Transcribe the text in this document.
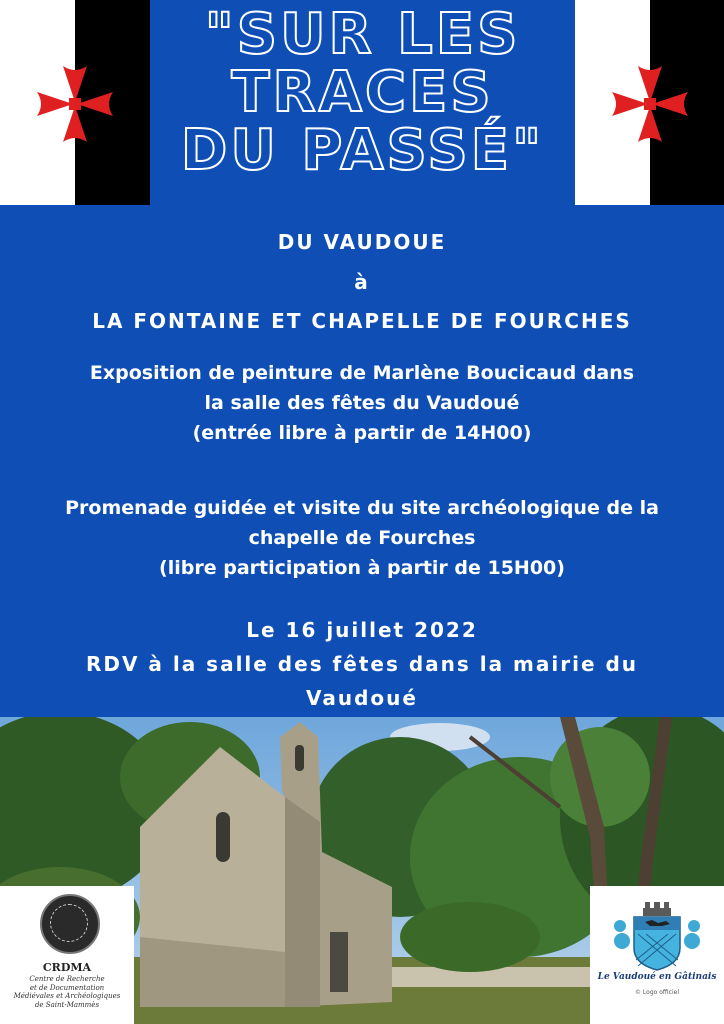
"SUR LES
TRACES
DU PASSÉ"

DU VAUDOUE

à

LA FONTAINE ET CHAPELLE DE FOURCHES

Exposition de peinture de Marlène Boucicaud dans
la salle des fêtes du Vaudoué
(entrée libre à partir de 14H00)
Promenade guidée et visite du site archéologique de la
chapelle de Fourches
(libre participation à partir de 15H00)
Le 16 juillet 2022
RDV à la salle des fêtes dans la mairie du
Vaudoué
CRDMA
Centre de Recherche
et de Documentation
Médiévales et Archéologiques
de Saint-Mammès
Le Vaudoué en Gâtinais
© Logo officiel
